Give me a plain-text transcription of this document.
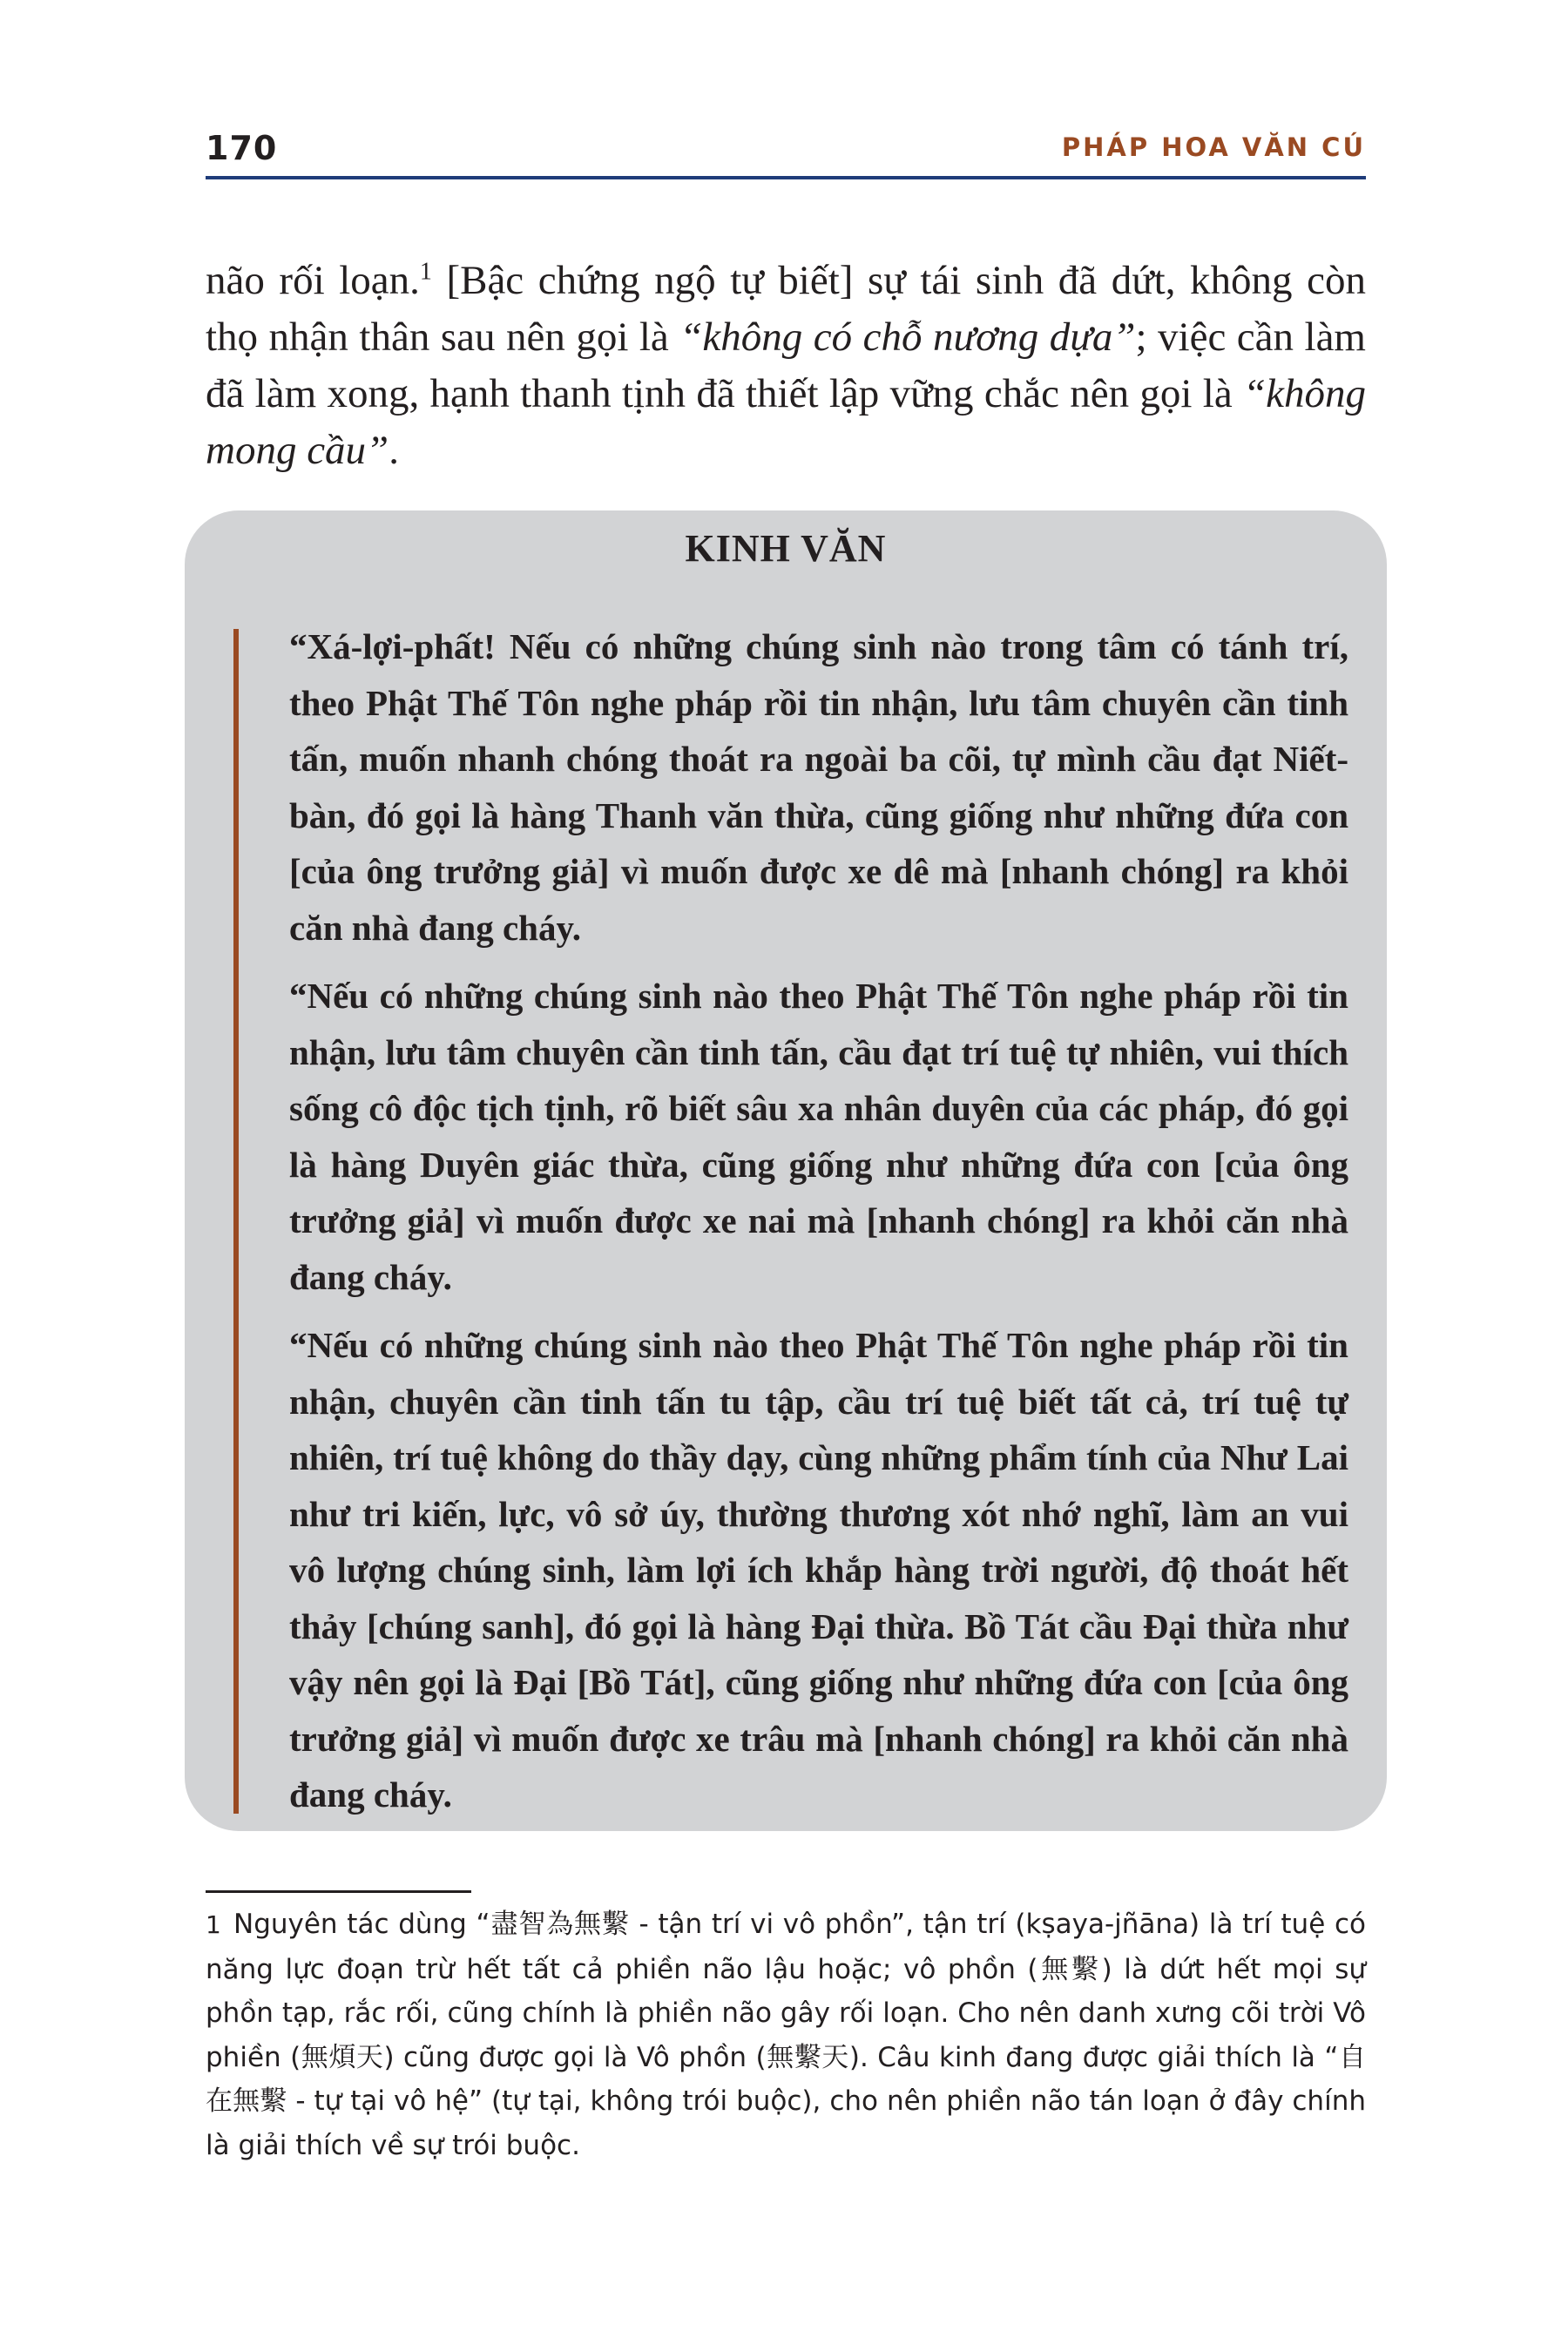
170	PHÁP HOA VĂN CÚ

não rối loạn.$^1$ [Bậc chứng ngộ tự biết] sự tái sinh đã dứt, không còn thọ nhận thân sau nên gọi là “không có chỗ nương dựa”; việc cần làm đã làm xong, hạnh thanh tịnh đã thiết lập vững chắc nên gọi là “không mong cầu”.

KINH VĂN

“Xá-lợi-phất! Nếu có những chúng sinh nào trong tâm có tánh trí, theo Phật Thế Tôn nghe pháp rồi tin nhận, lưu tâm chuyên cần tinh tấn, muốn nhanh chóng thoát ra ngoài ba cõi, tự mình cầu đạt Niết-bàn, đó gọi là hàng Thanh văn thừa, cũng giống như những đứa con [của ông trưởng giả] vì muốn được xe dê mà [nhanh chóng] ra khỏi căn nhà đang cháy.

“Nếu có những chúng sinh nào theo Phật Thế Tôn nghe pháp rồi tin nhận, lưu tâm chuyên cần tinh tấn, cầu đạt trí tuệ tự nhiên, vui thích sống cô độc tịch tịnh, rõ biết sâu xa nhân duyên của các pháp, đó gọi là hàng Duyên giác thừa, cũng giống như những đứa con [của ông trưởng giả] vì muốn được xe nai mà [nhanh chóng] ra khỏi căn nhà đang cháy.

“Nếu có những chúng sinh nào theo Phật Thế Tôn nghe pháp rồi tin nhận, chuyên cần tinh tấn tu tập, cầu trí tuệ biết tất cả, trí tuệ tự nhiên, trí tuệ không do thầy dạy, cùng những phẩm tính của Như Lai như tri kiến, lực, vô sở úy, thường thương xót nhớ nghĩ, làm an vui vô lượng chúng sinh, làm lợi ích khắp hàng trời người, độ thoát hết thảy [chúng sanh], đó gọi là hàng Đại thừa. Bồ Tát cầu Đại thừa như vậy nên gọi là Đại [Bồ Tát], cũng giống như những đứa con [của ông trưởng giả] vì muốn được xe trâu mà [nhanh chóng] ra khỏi căn nhà đang cháy.

1 Nguyên tác dùng “盡智為無繫 - tận trí vi vô phồn”, tận trí (kṣaya-jñāna) là trí tuệ có năng lực đoạn trừ hết tất cả phiền não lậu hoặc; vô phồn (無繫) là dứt hết mọi sự phồn tạp, rắc rối, cũng chính là phiền não gây rối loạn. Cho nên danh xưng cõi trời Vô phiền (無煩天) cũng được gọi là Vô phồn (無繫天). Câu kinh đang được giải thích là “自在無繫 - tự tại vô hệ” (tự tại, không trói buộc), cho nên phiền não tán loạn ở đây chính là giải thích về sự trói buộc.
